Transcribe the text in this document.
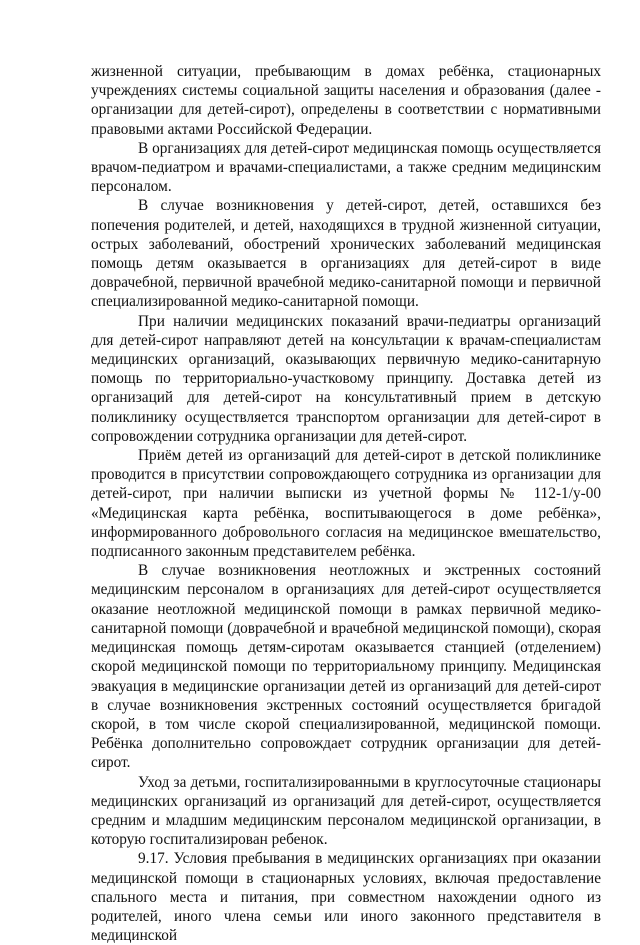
жизненной ситуации, пребывающим в домах ребёнка, стационарных учреждениях системы социальной защиты населения и образования (далее - организации для детей-сирот), определены в соответствии с нормативными правовыми актами Российской Федерации.

В организациях для детей-сирот медицинская помощь осуществляется врачом-педиатром и врачами-специалистами, а также средним медицинским персоналом.

В случае возникновения у детей-сирот, детей, оставшихся без попечения родителей, и детей, находящихся в трудной жизненной ситуации, острых заболеваний, обострений хронических заболеваний медицинская помощь детям оказывается в организациях для детей-сирот в виде доврачебной, первичной врачебной медико-санитарной помощи и первичной специализированной медико-санитарной помощи.

При наличии медицинских показаний врачи-педиатры организаций для детей-сирот направляют детей на консультации к врачам-специалистам медицинских организаций, оказывающих первичную медико-санитарную помощь по территориально-участковому принципу. Доставка детей из организаций для детей-сирот на консультативный прием в детскую поликлинику осуществляется транспортом организации для детей-сирот в сопровождении сотрудника организации для детей-сирот.

Приём детей из организаций для детей-сирот в детской поликлинике проводится в присутствии сопровождающего сотрудника из организации для детей-сирот, при наличии выписки из учетной формы № 112-1/у-00 «Медицинская карта ребёнка, воспитывающегося в доме ребёнка», информированного добровольного согласия на медицинское вмешательство, подписанного законным представителем ребёнка.

В случае возникновения неотложных и экстренных состояний медицинским персоналом в организациях для детей-сирот осуществляется оказание неотложной медицинской помощи в рамках первичной медико-санитарной помощи (доврачебной и врачебной медицинской помощи), скорая медицинская помощь детям-сиротам оказывается станцией (отделением) скорой медицинской помощи по территориальному принципу. Медицинская эвакуация в медицинские организации детей из организаций для детей-сирот в случае возникновения экстренных состояний осуществляется бригадой скорой, в том числе скорой специализированной, медицинской помощи. Ребёнка дополнительно сопровождает сотрудник организации для детей-сирот.

Уход за детьми, госпитализированными в круглосуточные стационары медицинских организаций из организаций для детей-сирот, осуществляется средним и младшим медицинским персоналом медицинской организации, в которую госпитализирован ребенок.

9.17. Условия пребывания в медицинских организациях при оказании медицинской помощи в стационарных условиях, включая предоставление спального места и питания, при совместном нахождении одного из родителей, иного члена семьи или иного законного представителя в медицинской
